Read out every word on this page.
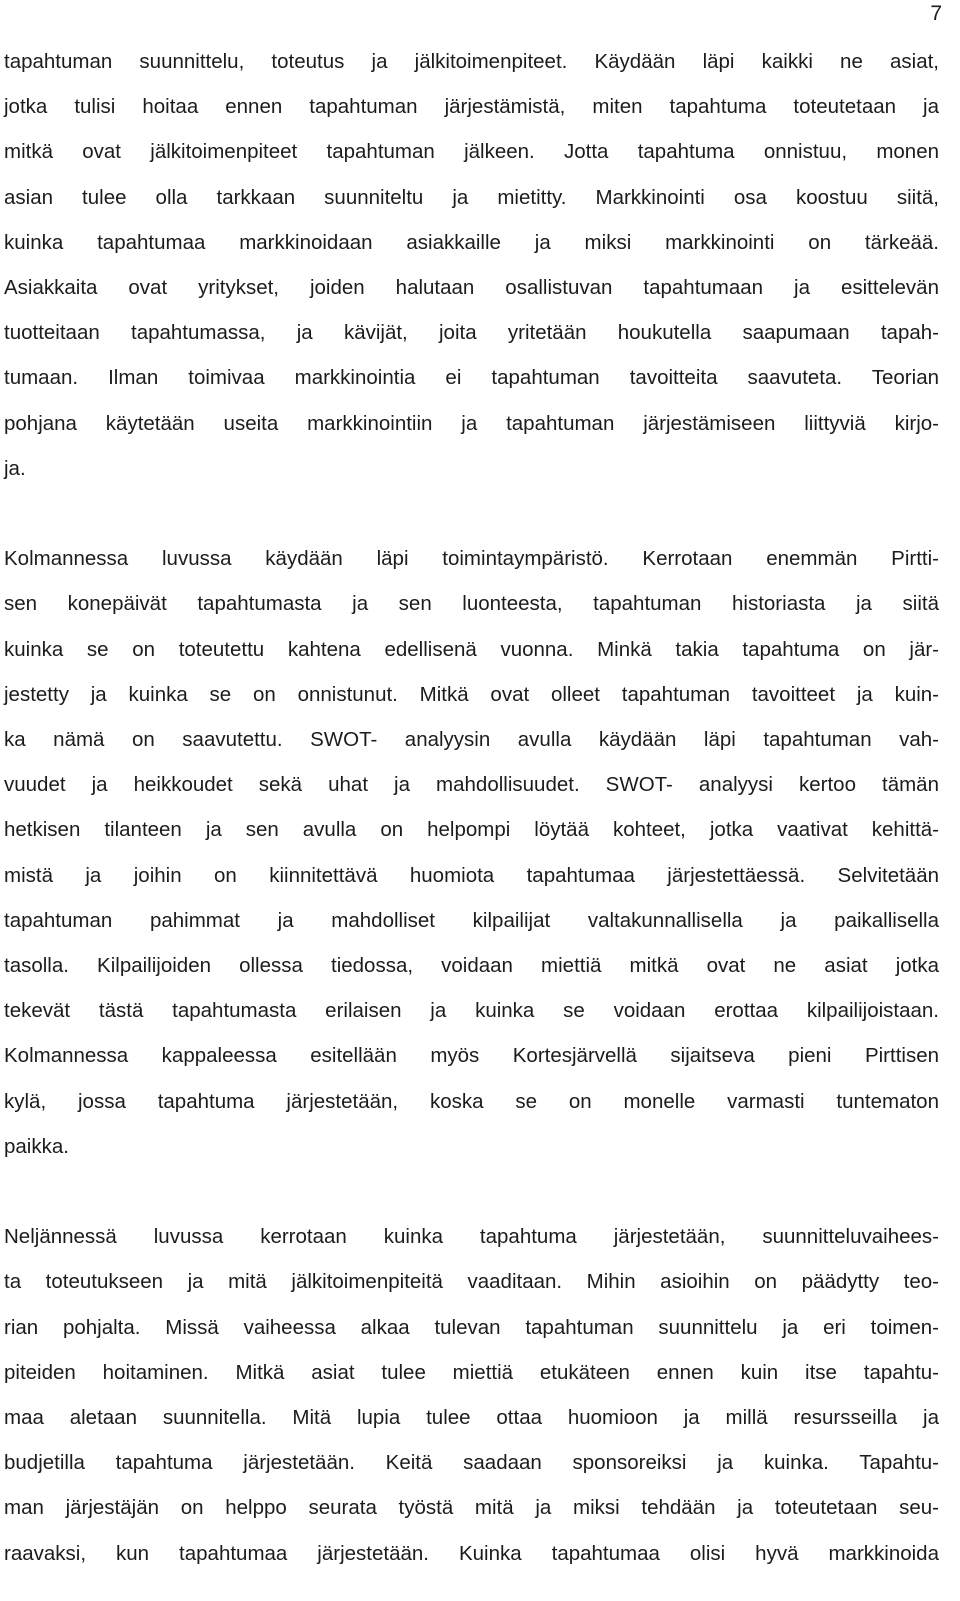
7

tapahtuman suunnittelu, toteutus ja jälkitoimenpiteet. Käydään läpi kaikki ne asiat,
jotka tulisi hoitaa ennen tapahtuman järjestämistä, miten tapahtuma toteutetaan ja
mitkä ovat jälkitoimenpiteet tapahtuman jälkeen. Jotta tapahtuma onnistuu, monen
asian tulee olla tarkkaan suunniteltu ja mietitty. Markkinointi osa koostuu siitä,
kuinka tapahtumaa markkinoidaan asiakkaille ja miksi markkinointi on tärkeää.
Asiakkaita ovat yritykset, joiden halutaan osallistuvan tapahtumaan ja esittelevän
tuotteitaan tapahtumassa, ja kävijät, joita yritetään houkutella saapumaan tapah-
tumaan. Ilman toimivaa markkinointia ei tapahtuman tavoitteita saavuteta. Teorian
pohjana käytetään useita markkinointiin ja tapahtuman järjestämiseen liittyviä kirjo-
ja.

Kolmannessa luvussa käydään läpi toimintaympäristö. Kerrotaan enemmän Pirtti-
sen konepäivät tapahtumasta ja sen luonteesta, tapahtuman historiasta ja siitä
kuinka se on toteutettu kahtena edellisenä vuonna. Minkä takia tapahtuma on jär-
jestetty ja kuinka se on onnistunut. Mitkä ovat olleet tapahtuman tavoitteet ja kuin-
ka nämä on saavutettu. SWOT- analyysin avulla käydään läpi tapahtuman vah-
vuudet ja heikkoudet sekä uhat ja mahdollisuudet. SWOT- analyysi kertoo tämän
hetkisen tilanteen ja sen avulla on helpompi löytää kohteet, jotka vaativat kehittä-
mistä ja joihin on kiinnitettävä huomiota tapahtumaa järjestettäessä. Selvitetään
tapahtuman pahimmat ja mahdolliset kilpailijat valtakunnallisella ja paikallisella
tasolla. Kilpailijoiden ollessa tiedossa, voidaan miettiä mitkä ovat ne asiat jotka
tekevät tästä tapahtumasta erilaisen ja kuinka se voidaan erottaa kilpailijoistaan.
Kolmannessa kappaleessa esitellään myös Kortesjärvellä sijaitseva pieni Pirttisen
kylä, jossa tapahtuma järjestetään, koska se on monelle varmasti tuntematon
paikka.

Neljännessä luvussa kerrotaan kuinka tapahtuma järjestetään, suunnitteluvaihees-
ta toteutukseen ja mitä jälkitoimenpiteitä vaaditaan. Mihin asioihin on päädytty teo-
rian pohjalta. Missä vaiheessa alkaa tulevan tapahtuman suunnittelu ja eri toimen-
piteiden hoitaminen. Mitkä asiat tulee miettiä etukäteen ennen kuin itse tapahtu-
maa aletaan suunnitella. Mitä lupia tulee ottaa huomioon ja millä resursseilla ja
budjetilla tapahtuma järjestetään. Keitä saadaan sponsoreiksi ja kuinka. Tapahtu-
man järjestäjän on helppo seurata työstä mitä ja miksi tehdään ja toteutetaan seu-
raavaksi, kun tapahtumaa järjestetään. Kuinka tapahtumaa olisi hyvä markkinoida
